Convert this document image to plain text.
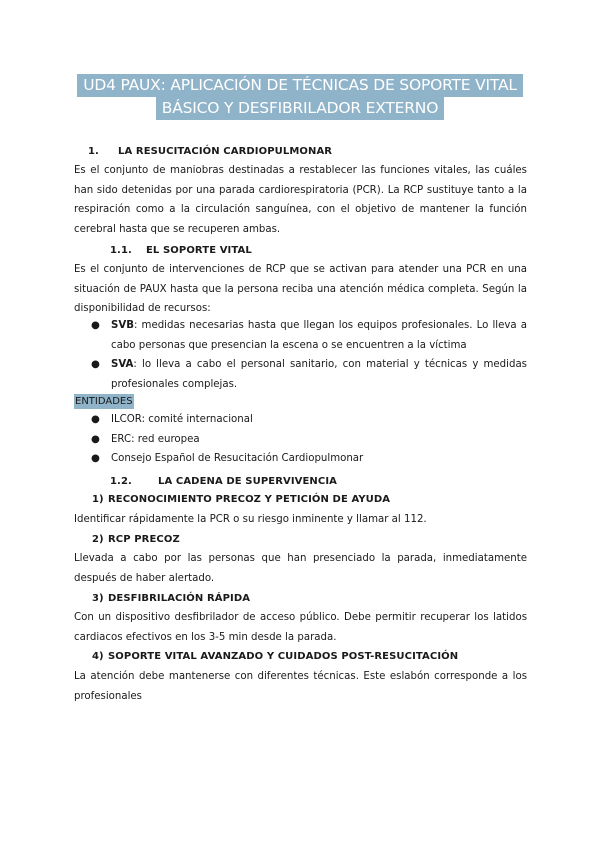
UD4 PAUX: APLICACIÓN DE TÉCNICAS DE SOPORTE VITAL
BÁSICO Y DESFIBRILADOR EXTERNO
1. LA RESUCITACIÓN CARDIOPULMONAR
Es el conjunto de maniobras destinadas a restablecer las funciones vitales, las cuáles han sido detenidas por una parada cardiorespiratoria (PCR). La RCP sustituye tanto a la respiración como a la circulación sanguínea, con el objetivo de mantener la función cerebral hasta que se recuperen ambas.
1.1. EL SOPORTE VITAL
Es el conjunto de intervenciones de RCP que se activan para atender una PCR en una situación de PAUX hasta que la persona reciba una atención médica completa. Según la disponibilidad de recursos:
● SVB: medidas necesarias hasta que llegan los equipos profesionales. Lo lleva a cabo personas que presencian la escena o se encuentren a la víctima
● SVA: lo lleva a cabo el personal sanitario, con material y técnicas y medidas profesionales complejas.
ENTIDADES
● ILCOR: comité internacional
● ERC: red europea
● Consejo Español de Resucitación Cardiopulmonar
1.2.	LA CADENA DE SUPERVIVENCIA
1) RECONOCIMIENTO PRECOZ Y PETICIÓN DE AYUDA
Identificar rápidamente la PCR o su riesgo inminente y llamar al 112.
2) RCP PRECOZ
Llevada a cabo por las personas que han presenciado la parada, inmediatamente después de haber alertado.
3) DESFIBRILACIÓN RÁPIDA
Con un dispositivo desfibrilador de acceso público. Debe permitir recuperar los latidos cardiacos efectivos en los 3-5 min desde la parada.
4) SOPORTE VITAL AVANZADO Y CUIDADOS POST-RESUCITACIÓN
La atención debe mantenerse con diferentes técnicas. Este eslabón corresponde a los profesionales
